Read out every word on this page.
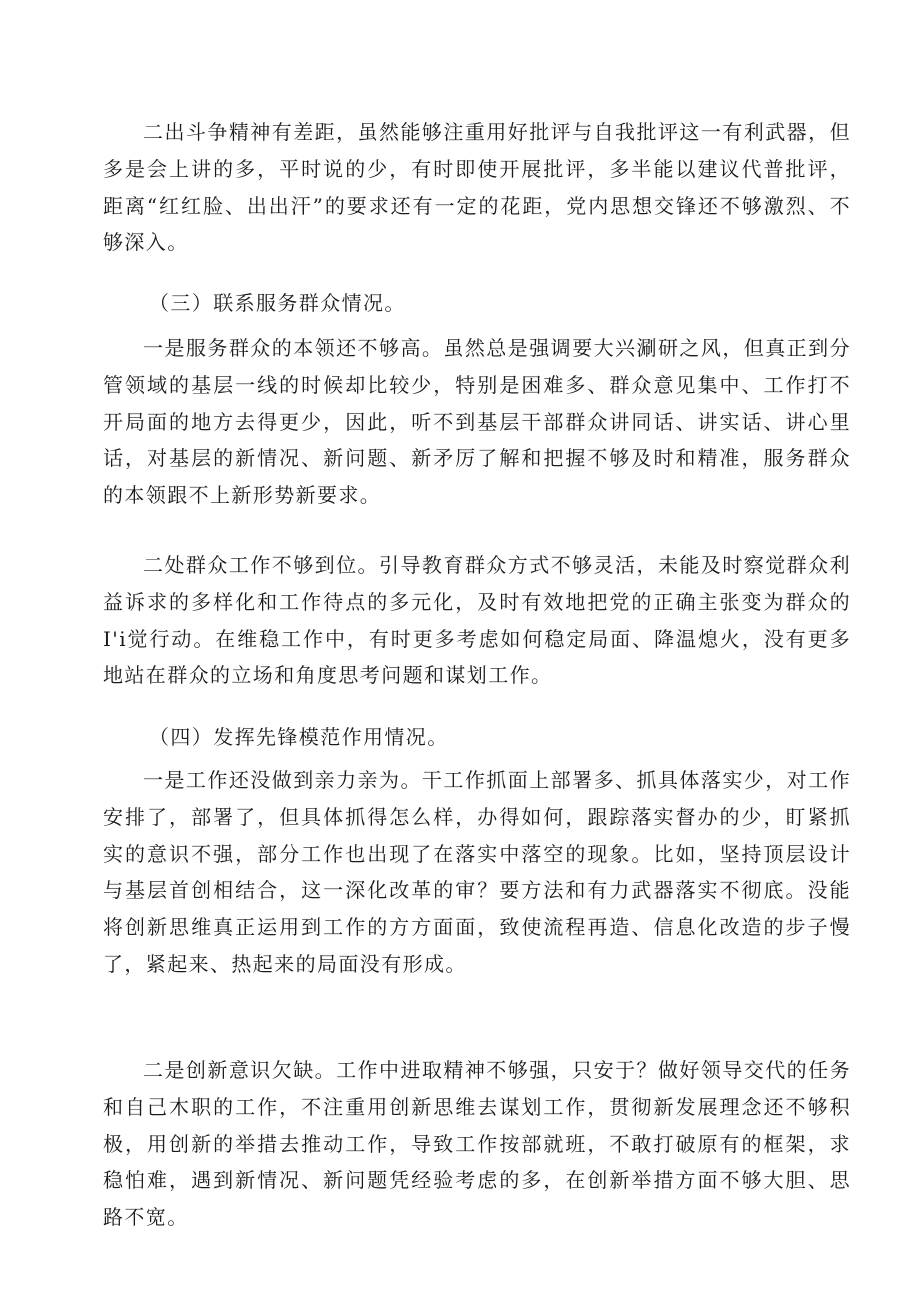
二出斗争精神有差距，虽然能够注重用好批评与自我批评这一有利武器，但多是会上讲的多，平时说的少，有时即使开展批评，多半能以建议代普批评，距离“红红脸、出出汗”的要求还有一定的花距，党内思想交锋还不够激烈、不够深入。

（三）联系服务群众情况。

一是服务群众的本领还不够高。虽然总是强调要大兴涮研之风，但真正到分管领域的基层一线的时候却比较少，特别是困难多、群众意见集中、工作打不开局面的地方去得更少，因此，听不到基层干部群众讲同话、讲实话、讲心里话，对基层的新情况、新问题、新矛厉了解和把握不够及时和精准，服务群众的本领跟不上新形势新要求。

二处群众工作不够到位。引导教育群众方式不够灵活，未能及时察觉群众利益诉求的多样化和工作待点的多元化，及时有效地把党的正确主张变为群众的I'i觉行动。在维稳工作中，有时更多考虑如何稳定局面、降温熄火，没有更多地站在群众的立场和角度思考问题和谋划工作。

（四）发挥先锋模范作用情况。

一是工作还没做到亲力亲为。干工作抓面上部署多、抓具体落实少，对工作安排了，部署了，但具体抓得怎么样，办得如何，跟踪落实督办的少，盯紧抓实的意识不强，部分工作也出现了在落实中落空的现象。比如，坚持顶层设计与基层首创相结合，这一深化改革的审？要方法和有力武器落实不彻底。没能将创新思维真正运用到工作的方方面面，致使流程再造、信息化改造的步子慢了，紧起来、热起来的局面没有形成。

二是创新意识欠缺。工作中进取精神不够强，只安于？做好领导交代的任务和自己木职的工作，不注重用创新思维去谋划工作，贯彻新发展理念还不够积极，用创新的举措去推动工作，导致工作按部就班，不敢打破原有的框架，求稳怕难，遇到新情况、新问题凭经验考虑的多，在创新举措方面不够大胆、思路不宽。
